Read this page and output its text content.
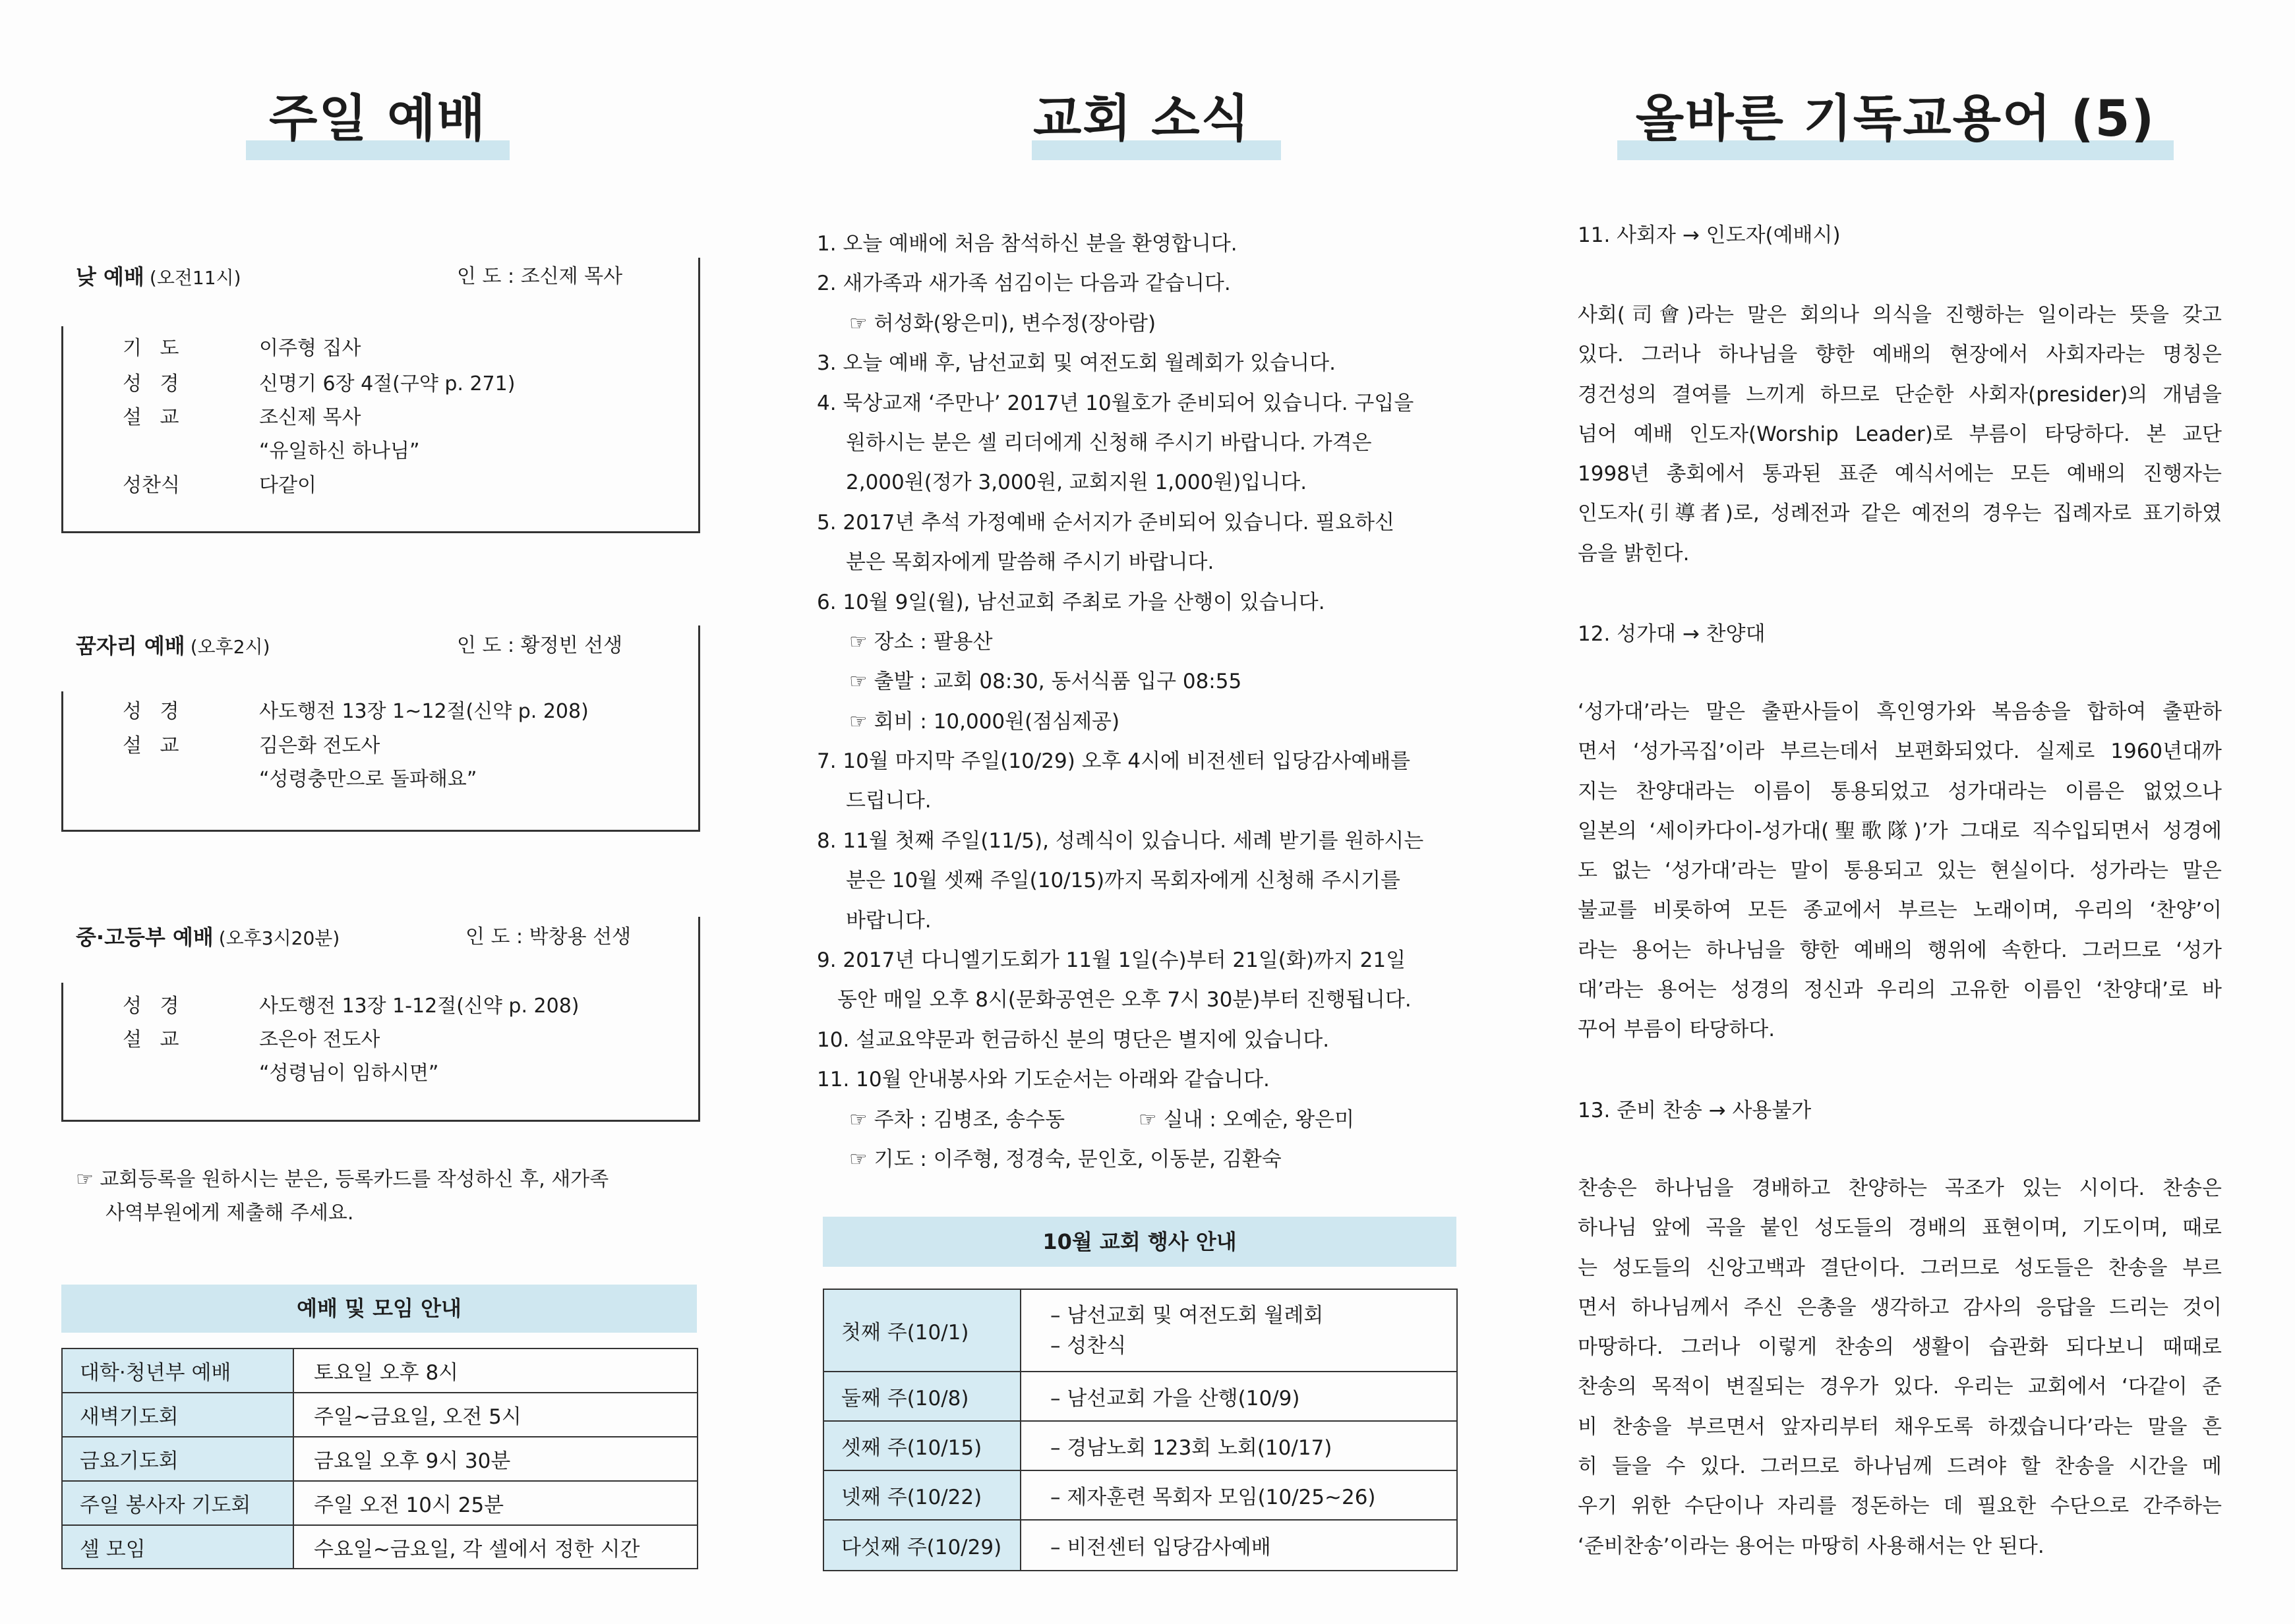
주일 예배
낮 예배 (오전11시)	인 도 : 조신제 목사
기 도	이주형 집사
성 경	신명기 6장 4절(구약 p. 271)
설 교	조신제 목사
“유일하신 하나님”
성찬식	다같이
꿈자리 예배 (오후2시)	인 도 : 황정빈 선생
성 경	사도행전 13장 1~12절(신약 p. 208)
설 교	김은화 전도사
“성령충만으로 돌파해요”
중·고등부 예배 (오후3시20분)	인 도 : 박창용 선생
성 경	사도행전 13장 1-12절(신약 p. 208)
설 교	조은아 전도사
“성령님이 임하시면”
☞ 교회등록을 원하시는 분은, 등록카드를 작성하신 후, 새가족
사역부원에게 제출해 주세요.
예배 및 모임 안내
대학·청년부 예배	토요일 오후 8시
새벽기도회	주일~금요일, 오전 5시
금요기도회	금요일 오후 9시 30분
주일 봉사자 기도회	주일 오전 10시 25분
셀 모임	수요일~금요일, 각 셀에서 정한 시간
교회 소식
1. 오늘 예배에 처음 참석하신 분을 환영합니다.
2. 새가족과 새가족 섬김이는 다음과 같습니다.
☞ 허성화(왕은미), 변수정(장아람)
3. 오늘 예배 후, 남선교회 및 여전도회 월례회가 있습니다.
4. 묵상교재 ‘주만나’ 2017년 10월호가 준비되어 있습니다. 구입을
원하시는 분은 셀 리더에게 신청해 주시기 바랍니다. 가격은
2,000원(정가 3,000원, 교회지원 1,000원)입니다.
5. 2017년 추석 가정예배 순서지가 준비되어 있습니다. 필요하신
분은 목회자에게 말씀해 주시기 바랍니다.
6. 10월 9일(월), 남선교회 주최로 가을 산행이 있습니다.
☞ 장소 : 팔용산
☞ 출발 : 교회 08:30, 동서식품 입구 08:55
☞ 회비 : 10,000원(점심제공)
7. 10월 마지막 주일(10/29) 오후 4시에 비전센터 입당감사예배를
드립니다.
8. 11월 첫째 주일(11/5), 성례식이 있습니다. 세례 받기를 원하시는
분은 10월 셋째 주일(10/15)까지 목회자에게 신청해 주시기를
바랍니다.
9. 2017년 다니엘기도회가 11월 1일(수)부터 21일(화)까지 21일
동안 매일 오후 8시(문화공연은 오후 7시 30분)부터 진행됩니다.
10. 설교요약문과 헌금하신 분의 명단은 별지에 있습니다.
11. 10월 안내봉사와 기도순서는 아래와 같습니다.
☞ 주차 : 김병조, 송수동	☞ 실내 : 오예순, 왕은미
☞ 기도 : 이주형, 정경숙, 문인호, 이동분, 김환숙
10월 교회 행사 안내
첫째 주(10/1)	– 남선교회 및 여전도회 월례회
– 성찬식

둘째 주(10/8)	– 남선교회 가을 산행(10/9)
셋째 주(10/15)	– 경남노회 123회 노회(10/17)
넷째 주(10/22)	– 제자훈련 목회자 모임(10/25~26)
다섯째 주(10/29)	– 비전센터 입당감사예배
올바른 기독교용어 (5)
11. 사회자 → 인도자(예배시)
사회(司會)라는 말은 회의나 의식을 진행하는 일이라는 뜻을 갖고
있다. 그러나 하나님을 향한 예배의 현장에서 사회자라는 명칭은
경건성의 결여를 느끼게 하므로 단순한 사회자(presider)의 개념을
넘어 예배 인도자(Worship Leader)로 부름이 타당하다. 본 교단
1998년 총회에서 통과된 표준 예식서에는 모든 예배의 진행자는
인도자(引導者)로, 성례전과 같은 예전의 경우는 집례자로 표기하였
음을 밝힌다.
12. 성가대 → 찬양대
‘성가대’라는 말은 출판사들이 흑인영가와 복음송을 합하여 출판하
면서 ‘성가곡집’이라 부르는데서 보편화되었다. 실제로 1960년대까
지는 찬양대라는 이름이 통용되었고 성가대라는 이름은 없었으나
일본의 ‘세이카다이-성가대(聖歌隊)’가 그대로 직수입되면서 성경에
도 없는 ‘성가대’라는 말이 통용되고 있는 현실이다. 성가라는 말은
불교를 비롯하여 모든 종교에서 부르는 노래이며, 우리의 ‘찬양’이
라는 용어는 하나님을 향한 예배의 행위에 속한다. 그러므로 ‘성가
대’라는 용어는 성경의 정신과 우리의 고유한 이름인 ‘찬양대’로 바
꾸어 부름이 타당하다.
13. 준비 찬송 → 사용불가
찬송은 하나님을 경배하고 찬양하는 곡조가 있는 시이다. 찬송은
하나님 앞에 곡을 붙인 성도들의 경배의 표현이며, 기도이며, 때로
는 성도들의 신앙고백과 결단이다. 그러므로 성도들은 찬송을 부르
면서 하나님께서 주신 은총을 생각하고 감사의 응답을 드리는 것이
마땅하다. 그러나 이렇게 찬송의 생활이 습관화 되다보니 때때로
찬송의 목적이 변질되는 경우가 있다. 우리는 교회에서 ‘다같이 준
비 찬송을 부르면서 앞자리부터 채우도록 하겠습니다’라는 말을 흔
히 들을 수 있다. 그러므로 하나님께 드려야 할 찬송을 시간을 메
우기 위한 수단이나 자리를 정돈하는 데 필요한 수단으로 간주하는
‘준비찬송’이라는 용어는 마땅히 사용해서는 안 된다.
